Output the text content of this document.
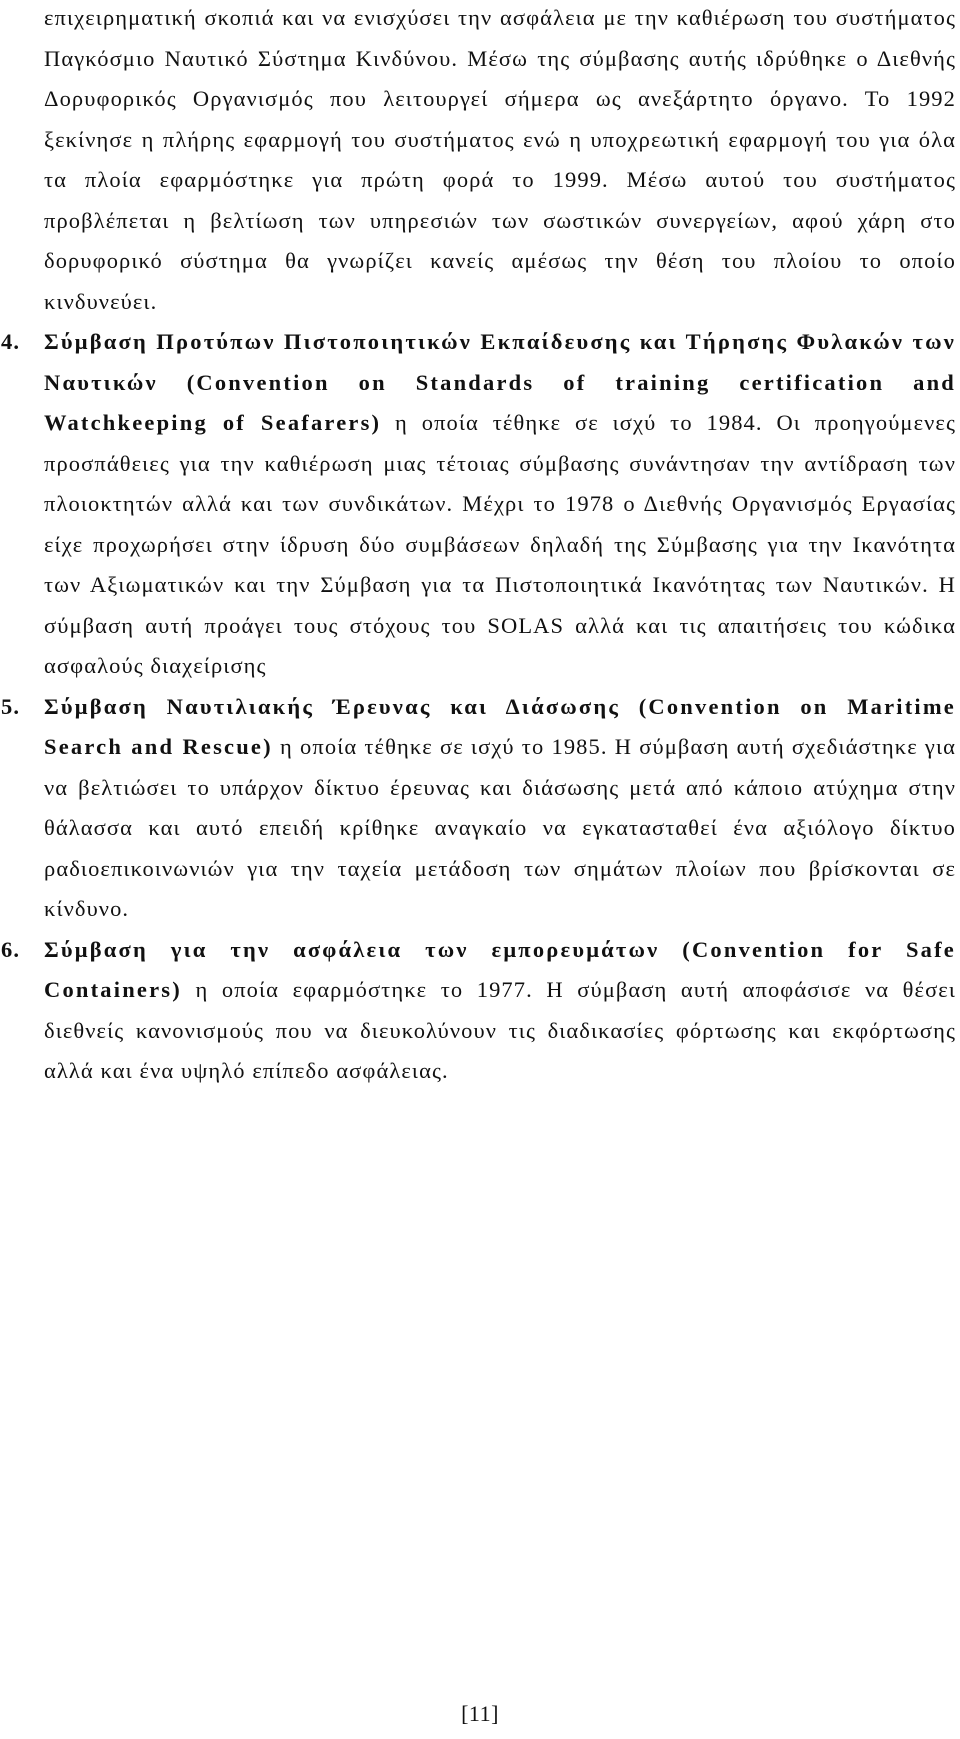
επιχειρηματική σκοπιά και να ενισχύσει την ασφάλεια με την καθιέρωση του συστήματος Παγκόσμιο Ναυτικό Σύστημα Κινδύνου. Μέσω της σύμβασης αυτής ιδρύθηκε ο Διεθνής Δορυφορικός Οργανισμός που λειτουργεί σήμερα ως ανεξάρτητο όργανο. Το 1992 ξεκίνησε η πλήρης εφαρμογή του συστήματος ενώ η υποχρεωτική εφαρμογή του για όλα τα πλοία εφαρμόστηκε για πρώτη φορά το 1999. Μέσω αυτού του συστήματος προβλέπεται η βελτίωση των υπηρεσιών των σωστικών συνεργείων, αφού χάρη στο δορυφορικό σύστημα θα γνωρίζει κανείς αμέσως την θέση του πλοίου το οποίο κινδυνεύει.

4. Σύμβαση Προτύπων Πιστοποιητικών Εκπαίδευσης και Τήρησης Φυλακών των Ναυτικών (Convention on Standards of training certification and Watchkeeping of Seafarers) η οποία τέθηκε σε ισχύ το 1984. Οι προηγούμενες προσπάθειες για την καθιέρωση μιας τέτοιας σύμβασης συνάντησαν την αντίδραση των πλοιοκτητών αλλά και των συνδικάτων. Μέχρι το 1978 ο Διεθνής Οργανισμός Εργασίας είχε προχωρήσει στην ίδρυση δύο συμβάσεων δηλαδή της Σύμβασης για την Ικανότητα των Αξιωματικών και την Σύμβαση για τα Πιστοποιητικά Ικανότητας των Ναυτικών. Η σύμβαση αυτή προάγει τους στόχους του SOLAS αλλά και τις απαιτήσεις του κώδικα ασφαλούς διαχείρισης

5. Σύμβαση Ναυτιλιακής Έρευνας και Διάσωσης (Convention on Maritime Search and Rescue) η οποία τέθηκε σε ισχύ το 1985. Η σύμβαση αυτή σχεδιάστηκε για να βελτιώσει το υπάρχον δίκτυο έρευνας και διάσωσης μετά από κάποιο ατύχημα στην θάλασσα και αυτό επειδή κρίθηκε αναγκαίο να εγκατασταθεί ένα αξιόλογο δίκτυο ραδιοεπικοινωνιών για την ταχεία μετάδοση των σημάτων πλοίων που βρίσκονται σε κίνδυνο.

6. Σύμβαση για την ασφάλεια των εμπορευμάτων (Convention for Safe Containers) η οποία εφαρμόστηκε το 1977. Η σύμβαση αυτή αποφάσισε να θέσει διεθνείς κανονισμούς που να διευκολύνουν τις διαδικασίες φόρτωσης και εκφόρτωσης αλλά και ένα υψηλό επίπεδο ασφάλειας.

[11]
